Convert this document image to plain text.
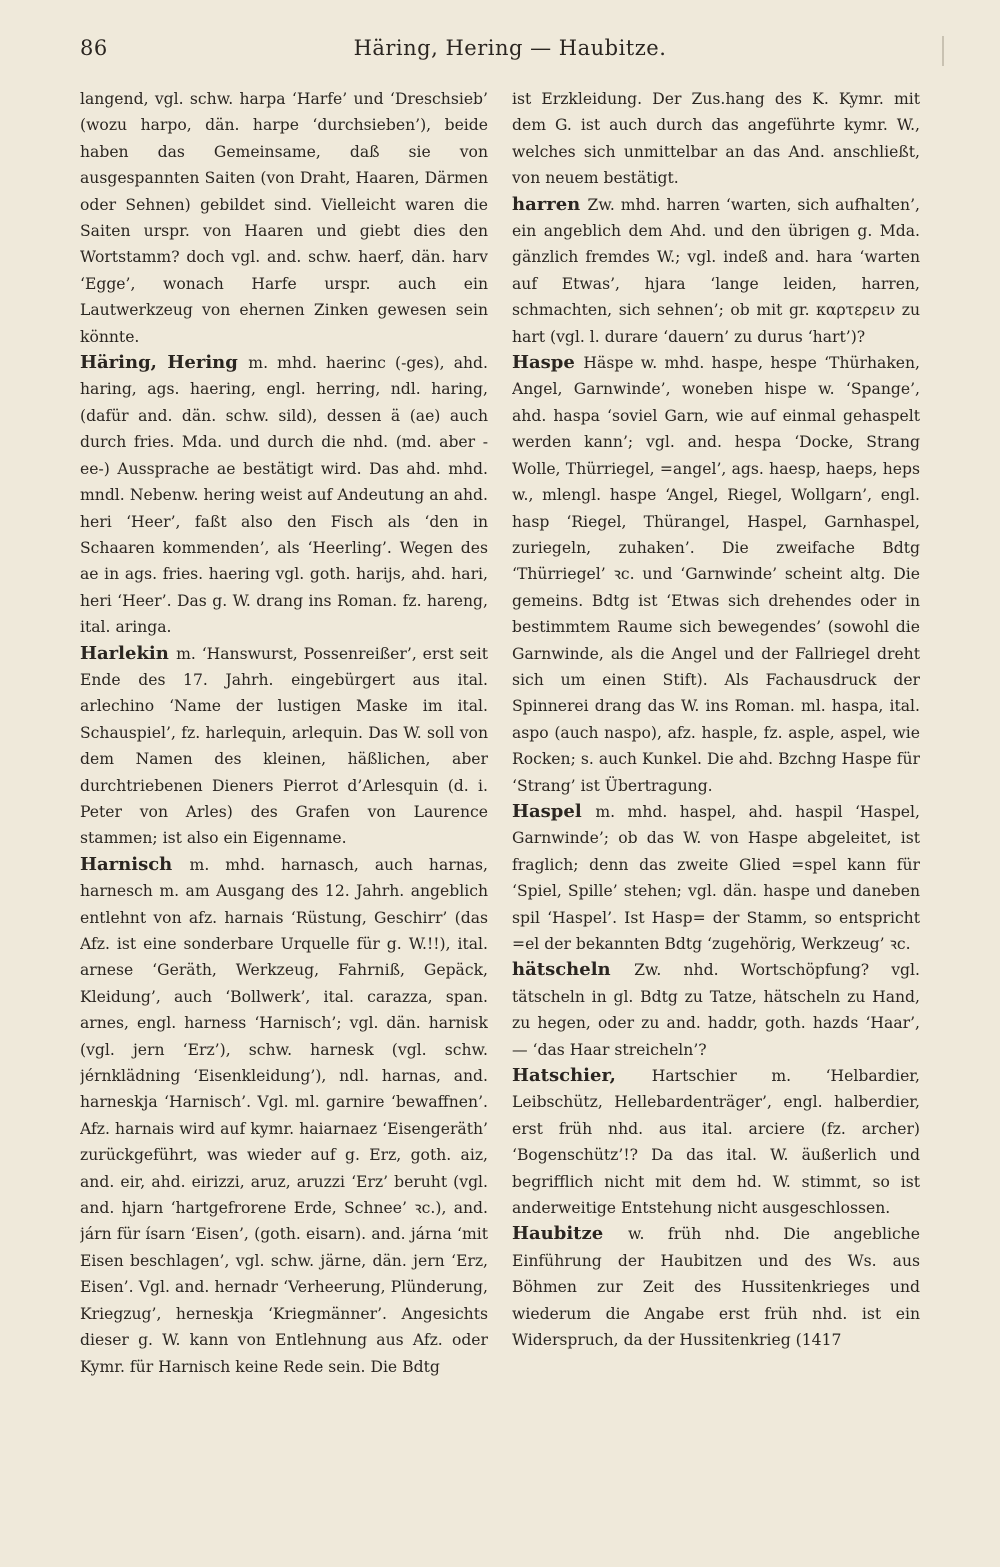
86	Häring, Hering — Haubitze.

langend, vgl. schw. harpa ‘Harfe’ und ‘Dreschsieb’ (wozu harpo, dän. harpe ‘durchsieben’), beide haben das Gemeinsame, daß sie von ausgespannten Saiten (von Draht, Haaren, Därmen oder Sehnen) gebildet sind. Vielleicht waren die Saiten urspr. von Haaren und giebt dies den Wortstamm? doch vgl. and. schw. haerf, dän. harv ‘Egge’, wonach Harfe urspr. auch ein Lautwerkzeug von ehernen Zinken gewesen sein könnte.

Häring, Hering m. mhd. haerinc (-ges), ahd. haring, ags. haering, engl. herring, ndl. haring, (dafür and. dän. schw. sild), dessen ä (ae) auch durch fries. Mda. und durch die nhd. (md. aber -ee-) Aussprache ae bestätigt wird. Das ahd. mhd. mndl. Nebenw. hering weist auf Andeutung an ahd. heri ‘Heer’, faßt also den Fisch als ‘den in Schaaren kommenden’, als ‘Heerling’. Wegen des ae in ags. fries. haering vgl. goth. harijs, ahd. hari, heri ‘Heer’. Das g. W. drang ins Roman. fz. hareng, ital. aringa.

Harlekin m. ‘Hanswurst, Possenreißer’, erst seit Ende des 17. Jahrh. eingebürgert aus ital. arlechino ‘Name der lustigen Maske im ital. Schauspiel’, fz. harlequin, arlequin. Das W. soll von dem Namen des kleinen, häßlichen, aber durchtriebenen Dieners Pierrot d’Arlesquin (d. i. Peter von Arles) des Grafen von Laurence stammen; ist also ein Eigenname.

Harnisch m. mhd. harnasch, auch harnas, harnesch m. am Ausgang des 12. Jahrh. angeblich entlehnt von afz. harnais ‘Rüstung, Geschirr’ (das Afz. ist eine sonderbare Urquelle für g. W.!!), ital. arnese ‘Geräth, Werkzeug, Fahrniß, Gepäck, Kleidung’, auch ‘Bollwerk’, ital. carazza, span. arnes, engl. harness ‘Harnisch’; vgl. dän. harnisk (vgl. jern ‘Erz’), schw. harnesk (vgl. schw. jérnklädning ‘Eisenkleidung’), ndl. harnas, and. harneskja ‘Harnisch’. Vgl. ml. garnire ‘bewaffnen’. Afz. harnais wird auf kymr. haiarnaez ‘Eisengeräth’ zurückgeführt, was wieder auf g. Erz, goth. aiz, and. eir, ahd. eirizzi, aruz, aruzzi ‘Erz’ beruht (vgl. and. hjarn ‘hartgefrorene Erde, Schnee’ ꝛc.), and. járn für ísarn ‘Eisen’, (goth. eisarn). and. járna ‘mit Eisen beschlagen’, vgl. schw. järne, dän. jern ‘Erz, Eisen’. Vgl. and. hernadr ‘Verheerung, Plünderung, Kriegzug’, herneskja ‘Kriegmänner’. Angesichts dieser g. W. kann von Entlehnung aus Afz. oder Kymr. für Harnisch keine Rede sein. Die Bdtg

ist Erzkleidung. Der Zus.hang des K. Kymr. mit dem G. ist auch durch das angeführte kymr. W., welches sich unmittelbar an das And. anschließt, von neuem bestätigt.

harren Zw. mhd. harren ‘warten, sich aufhalten’, ein angeblich dem Ahd. und den übrigen g. Mda. gänzlich fremdes W.; vgl. indeß and. hara ‘warten auf Etwas’, hjara ‘lange leiden, harren, schmachten, sich sehnen’; ob mit gr. καρτερειν zu hart (vgl. l. durare ‘dauern’ zu durus ‘hart’)?

Haspe Häspe w. mhd. haspe, hespe ‘Thürhaken, Angel, Garnwinde’, woneben hispe w. ‘Spange’, ahd. haspa ‘soviel Garn, wie auf einmal gehaspelt werden kann’; vgl. and. hespa ‘Docke, Strang Wolle, Thürriegel, =angel’, ags. haesp, haeps, heps w., mlengl. haspe ‘Angel, Riegel, Wollgarn’, engl. hasp ‘Riegel, Thürangel, Haspel, Garnhaspel, zuriegeln, zuhaken’. Die zweifache Bdtg ‘Thürriegel’ ꝛc. und ‘Garnwinde’ scheint altg. Die gemeins. Bdtg ist ‘Etwas sich drehendes oder in bestimmtem Raume sich bewegendes’ (sowohl die Garnwinde, als die Angel und der Fallriegel dreht sich um einen Stift). Als Fachausdruck der Spinnerei drang das W. ins Roman. ml. haspa, ital. aspo (auch naspo), afz. hasple, fz. asple, aspel, wie Rocken; s. auch Kunkel. Die ahd. Bzchng Haspe für ‘Strang’ ist Übertragung.

Haspel m. mhd. haspel, ahd. haspil ‘Haspel, Garnwinde’; ob das W. von Haspe abgeleitet, ist fraglich; denn das zweite Glied =spel kann für ‘Spiel, Spille’ stehen; vgl. dän. haspe und daneben spil ‘Haspel’. Ist Hasp= der Stamm, so entspricht =el der bekannten Bdtg ‘zugehörig, Werkzeug’ ꝛc.

hätscheln Zw. nhd. Wortschöpfung? vgl. tätscheln in gl. Bdtg zu Tatze, hätscheln zu Hand, zu hegen, oder zu and. haddr, goth. hazds ‘Haar’, — ‘das Haar streicheln’?

Hatschier, Hartschier m. ‘Helbardier, Leibschütz, Hellebardenträger’, engl. halberdier, erst früh nhd. aus ital. arciere (fz. archer) ‘Bogenschütz’!? Da das ital. W. äußerlich und begrifflich nicht mit dem hd. W. stimmt, so ist anderweitige Entstehung nicht ausgeschlossen.

Haubitze w. früh nhd. Die angebliche Einführung der Haubitzen und des Ws. aus Böhmen zur Zeit des Hussitenkrieges und wiederum die Angabe erst früh nhd. ist ein Widerspruch, da der Hussitenkrieg (1417
